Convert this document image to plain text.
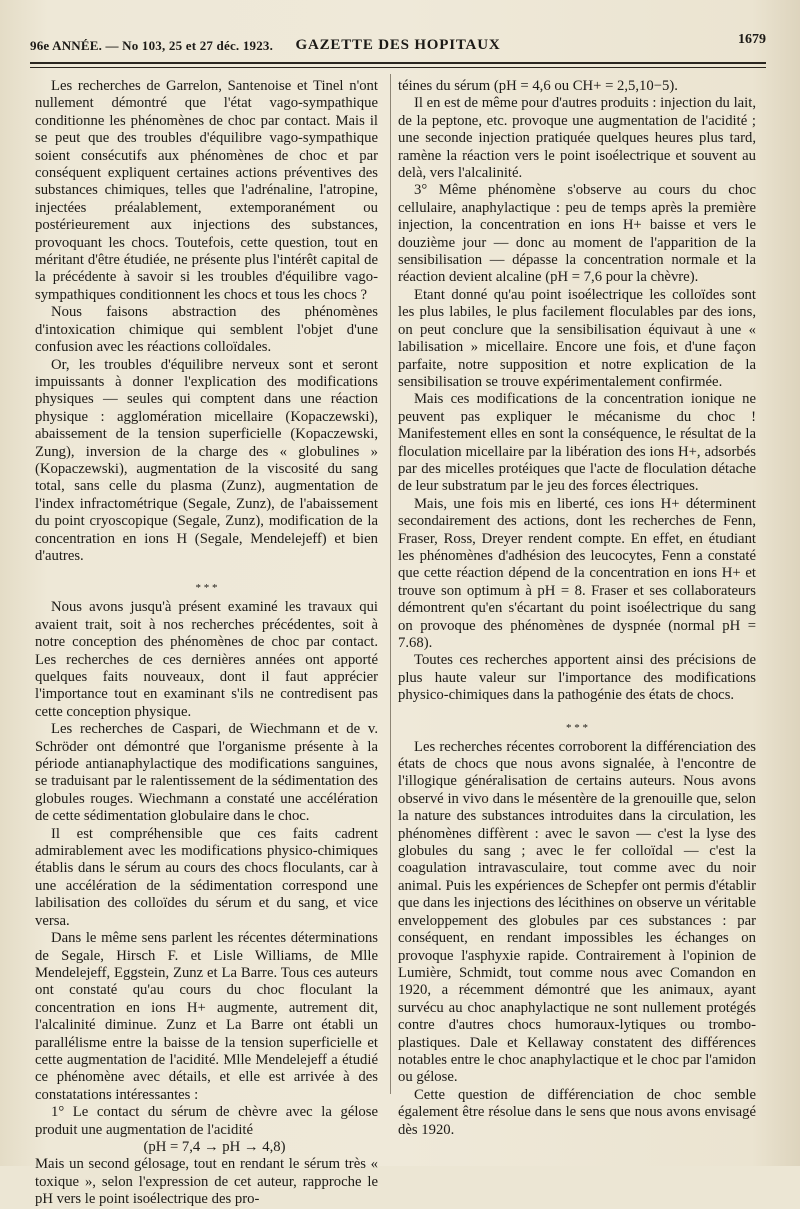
96e ANNÉE. — No 103, 25 et 27 déc. 1923.	GAZETTE DES HOPITAUX	1679

Les recherches de Garrelon, Santenoise et Tinel n'ont nullement démontré que l'état vago-sympathique conditionne les phénomènes de choc par contact. Mais il se peut que des troubles d'équilibre vago-sympathique soient consécutifs aux phénomènes de choc et par conséquent expliquent certaines actions préventives des substances chimiques, telles que l'adrénaline, l'atropine, injectées préalablement, extemporanément ou postérieurement aux injections des substances, provoquant les chocs. Toutefois, cette question, tout en méritant d'être étudiée, ne présente plus l'intérêt capital de la précédente à savoir si les troubles d'équilibre vago-sympathiques conditionnent les chocs et tous les chocs ?

Nous faisons abstraction des phénomènes d'intoxication chimique qui semblent l'objet d'une confusion avec les réactions colloïdales.

Or, les troubles d'équilibre nerveux sont et seront impuissants à donner l'explication des modifications physiques — seules qui comptent dans une réaction physique : agglomération micellaire (Kopaczewski), abaissement de la tension superficielle (Kopaczewski, Zung), inversion de la charge des « globulines » (Kopaczewski), augmentation de la viscosité du sang total, sans celle du plasma (Zunz), augmentation de l'index infractométrique (Segale, Zunz), de l'abaissement du point cryoscopique (Segale, Zunz), modification de la concentration en ions H (Segale, Mendelejeff) et bien d'autres.

* * *

Nous avons jusqu'à présent examiné les travaux qui avaient trait, soit à nos recherches précédentes, soit à notre conception des phénomènes de choc par contact. Les recherches de ces dernières années ont apporté quelques faits nouveaux, dont il faut apprécier l'importance tout en examinant s'ils ne contredisent pas cette conception physique.

Les recherches de Caspari, de Wiechmann et de v. Schröder ont démontré que l'organisme présente à la période antianaphylactique des modifications sanguines, se traduisant par le ralentissement de la sédimentation des globules rouges. Wiechmann a constaté une accélération de cette sédimentation globulaire dans le choc.

Il est compréhensible que ces faits cadrent admirablement avec les modifications physico-chimiques établis dans le sérum au cours des chocs floculants, car à une accélération de la sédimentation correspond une labilisation des colloïdes du sérum et du sang, et vice versa.

Dans le même sens parlent les récentes déterminations de Segale, Hirsch F. et Lisle Williams, de Mlle Mendelejeff, Eggstein, Zunz et La Barre. Tous ces auteurs ont constaté qu'au cours du choc floculant la concentration en ions H+ augmente, autrement dit, l'alcalinité diminue. Zunz et La Barre ont établi un parallélisme entre la baisse de la tension superficielle et cette augmentation de l'acidité. Mlle Mendelejeff a étudié ce phénomène avec détails, et elle est arrivée à des constatations intéressantes :

1° Le contact du sérum de chèvre avec la gélose produit une augmentation de l'acidité

(pH = 7,4 → pH → 4,8)

Mais un second gélosage, tout en rendant le sérum très « toxique », selon l'expression de cet auteur, rapproche le pH vers le point isoélectrique des pro-

téines du sérum (pH = 4,6 ou CH+ = 2,5,10−5).

Il en est de même pour d'autres produits : injection du lait, de la peptone, etc. provoque une augmentation de l'acidité ; une seconde injection pratiquée quelques heures plus tard, ramène la réaction vers le point isoélectrique et souvent au delà, vers l'alcalinité.

3° Même phénomène s'observe au cours du choc cellulaire, anaphylactique : peu de temps après la première injection, la concentration en ions H+ baisse et vers le douzième jour — donc au moment de l'apparition de la sensibilisation — dépasse la concentration normale et la réaction devient alcaline (pH = 7,6 pour la chèvre).

Etant donné qu'au point isoélectrique les colloïdes sont les plus labiles, le plus facilement floculables par des ions, on peut conclure que la sensibilisation équivaut à une « labilisation » micellaire. Encore une fois, et d'une façon parfaite, notre supposition et notre explication de la sensibilisation se trouve expérimentalement confirmée.

Mais ces modifications de la concentration ionique ne peuvent pas expliquer le mécanisme du choc ! Manifestement elles en sont la conséquence, le résultat de la floculation micellaire par la libération des ions H+, adsorbés par des micelles protéiques que l'acte de floculation détache de leur substratum par le jeu des forces électriques.

Mais, une fois mis en liberté, ces ions H+ déterminent secondairement des actions, dont les recherches de Fenn, Fraser, Ross, Dreyer rendent compte. En effet, en étudiant les phénomènes d'adhésion des leucocytes, Fenn a constaté que cette réaction dépend de la concentration en ions H+ et trouve son optimum à pH = 8. Fraser et ses collaborateurs démontrent qu'en s'écartant du point isoélectrique du sang on provoque des phénomènes de dyspnée (normal pH = 7.68).

Toutes ces recherches apportent ainsi des précisions de plus haute valeur sur l'importance des modifications physico-chimiques dans la pathogénie des états de chocs.

* * *

Les recherches récentes corroborent la différenciation des états de chocs que nous avons signalée, à l'encontre de l'illogique généralisation de certains auteurs. Nous avons observé in vivo dans le mésentère de la grenouille que, selon la nature des substances introduites dans la circulation, les phénomènes diffèrent : avec le savon — c'est la lyse des globules du sang ; avec le fer colloïdal — c'est la coagulation intravasculaire, tout comme avec du noir animal. Puis les expériences de Schepfer ont permis d'établir que dans les injections des lécithines on observe un véritable enveloppement des globules par ces substances : par conséquent, en rendant impossibles les échanges on provoque l'asphyxie rapide. Contrairement à l'opinion de Lumière, Schmidt, tout comme nous avec Comandon en 1920, a récemment démontré que les animaux, ayant survécu au choc anaphylactique ne sont nullement protégés contre d'autres chocs humoraux-lytiques ou trombo-plastiques. Dale et Kellaway constatent des différences notables entre le choc anaphylactique et le choc par l'amidon ou gélose.

Cette question de différenciation de choc semble également être résolue dans le sens que nous avons envisagé dès 1920.
